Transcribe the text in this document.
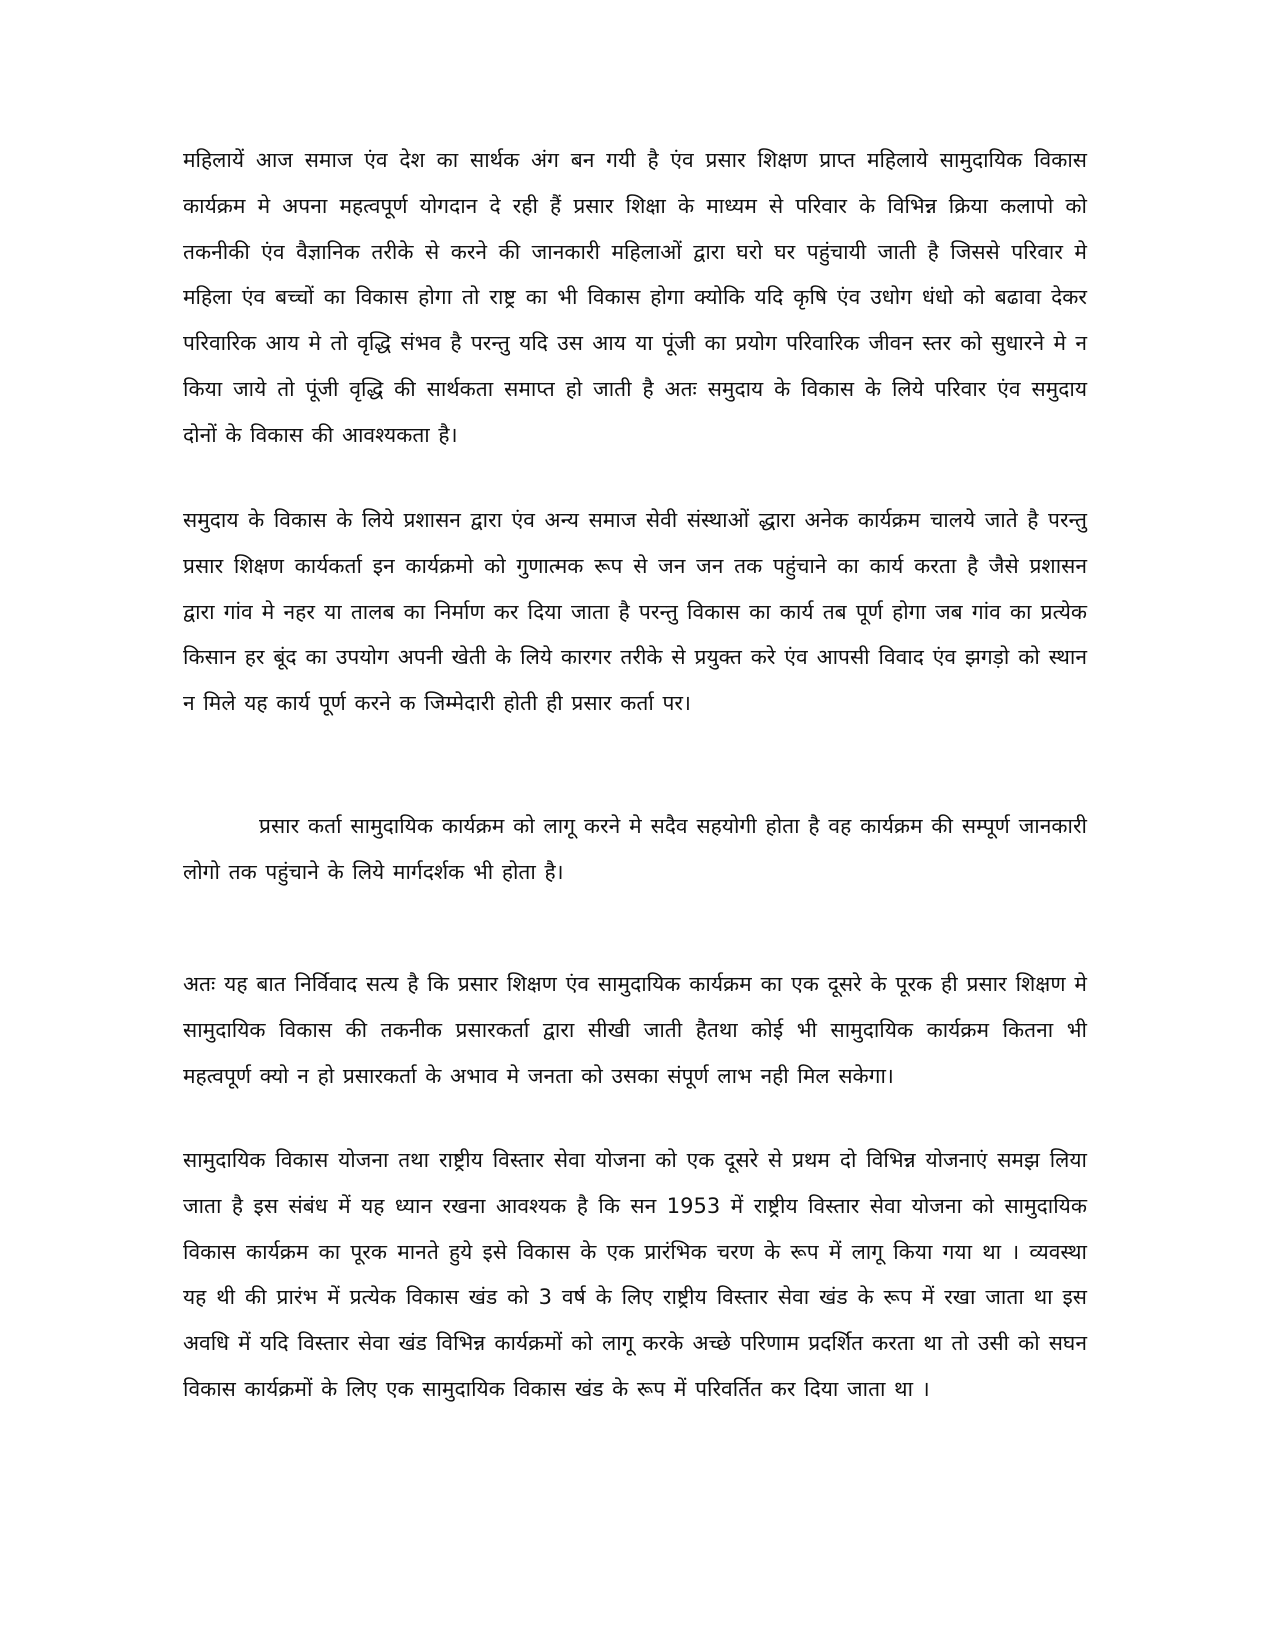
महिलायें आज समाज एंव देश का सार्थक अंग बन गयी है एंव प्रसार शिक्षण प्राप्त महिलाये सामुदायिक विकास कार्यक्रम मे अपना महत्वपूर्ण योगदान दे रही हैं प्रसार शिक्षा के माध्यम से परिवार के विभिन्न क्रिया कलापो को तकनीकी एंव वैज्ञानिक तरीके से करने की जानकारी महिलाओं द्वारा घरो घर पहुंचायी जाती है जिससे परिवार मे महिला एंव बच्चों का विकास होगा तो राष्ट्र का भी विकास होगा क्योकि यदि कृषि एंव उधोग धंधो को बढावा देकर परिवारिक आय मे तो वृद्धि संभव है परन्तु यदि उस आय या पूंजी का प्रयोग परिवारिक जीवन स्तर को सुधारने मे न किया जाये तो पूंजी वृद्धि की सार्थकता समाप्त हो जाती है अतः समुदाय के विकास के लिये परिवार एंव समुदाय दोनों के विकास की आवश्यकता है।

समुदाय के विकास के लिये प्रशासन द्वारा एंव अन्य समाज सेवी संस्थाओं द्धारा अनेक कार्यक्रम चालये जाते है परन्तु प्रसार शिक्षण कार्यकर्ता इन कार्यक्रमो को गुणात्मक रूप से जन जन तक पहुंचाने का कार्य करता है जैसे प्रशासन द्वारा गांव मे नहर या तालब का निर्माण कर दिया जाता है परन्तु विकास का कार्य तब पूर्ण होगा जब गांव का प्रत्येक किसान हर बूंद का उपयोग अपनी खेती के लिये कारगर तरीके से प्रयुक्त करे एंव आपसी विवाद एंव झगड़ो को स्थान न मिले यह कार्य पूर्ण करने क जिम्मेदारी होती ही प्रसार कर्ता पर।

प्रसार कर्ता सामुदायिक कार्यक्रम को लागू करने मे सदैव सहयोगी होता है वह कार्यक्रम की सम्पूर्ण जानकारी लोगो तक पहुंचाने के लिये मार्गदर्शक भी होता है।

अतः यह बात निर्विवाद सत्य है कि प्रसार शिक्षण एंव सामुदायिक कार्यक्रम का एक दूसरे के पूरक ही प्रसार शिक्षण मे सामुदायिक विकास की तकनीक प्रसारकर्ता द्वारा सीखी जाती हैतथा कोई भी सामुदायिक कार्यक्रम कितना भी महत्वपूर्ण क्यो न हो प्रसारकर्ता के अभाव मे जनता को उसका संपूर्ण लाभ नही मिल सकेगा।

सामुदायिक विकास योजना तथा राष्ट्रीय विस्तार सेवा योजना को एक दूसरे से प्रथम दो विभिन्न योजनाएं समझ लिया जाता है इस संबंध में यह ध्यान रखना आवश्यक है कि सन 1953 में राष्ट्रीय विस्तार सेवा योजना को सामुदायिक विकास कार्यक्रम का पूरक मानते हुये इसे विकास के एक प्रारंभिक चरण के रूप में लागू किया गया था । व्यवस्था यह थी की प्रारंभ में प्रत्येक विकास खंड को 3 वर्ष के लिए राष्ट्रीय विस्तार सेवा खंड के रूप में रखा जाता था इस अवधि में यदि विस्तार सेवा खंड विभिन्न कार्यक्रमों को लागू करके अच्छे परिणाम प्रदर्शित करता था तो उसी को सघन विकास कार्यक्रमों के लिए एक सामुदायिक विकास खंड के रूप में परिवर्तित कर दिया जाता था ।
